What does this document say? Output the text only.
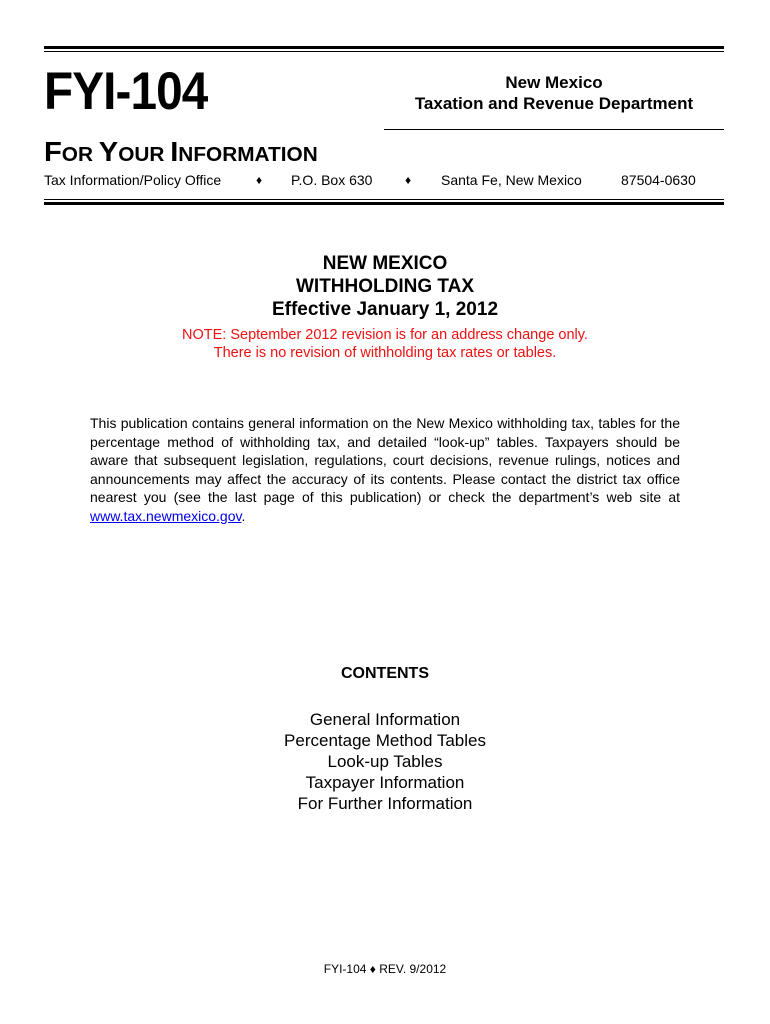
FYI-104	New Mexico
Taxation and Revenue Department
FOR YOUR INFORMATION
Tax Information/Policy Office	♦ P.O. Box 630	♦ Santa Fe, New Mexico	87504-0630
NEW MEXICO
WITHHOLDING TAX
Effective January 1, 2012
NOTE: September 2012 revision is for an address change only.
There is no revision of withholding tax rates or tables.
This publication contains general information on the New Mexico withholding tax, tables for the percentage method of withholding tax, and detailed “look-up” tables. Taxpayers should be aware that subsequent legislation, regulations, court decisions, revenue rulings, notices and announcements may affect the accuracy of its contents. Please contact the district tax office nearest you (see the last page of this publication) or check the department’s web site at www.tax.newmexico.gov.
CONTENTS
General Information
Percentage Method Tables
Look-up Tables
Taxpayer Information
For Further Information
FYI-104 ♦ REV. 9/2012
